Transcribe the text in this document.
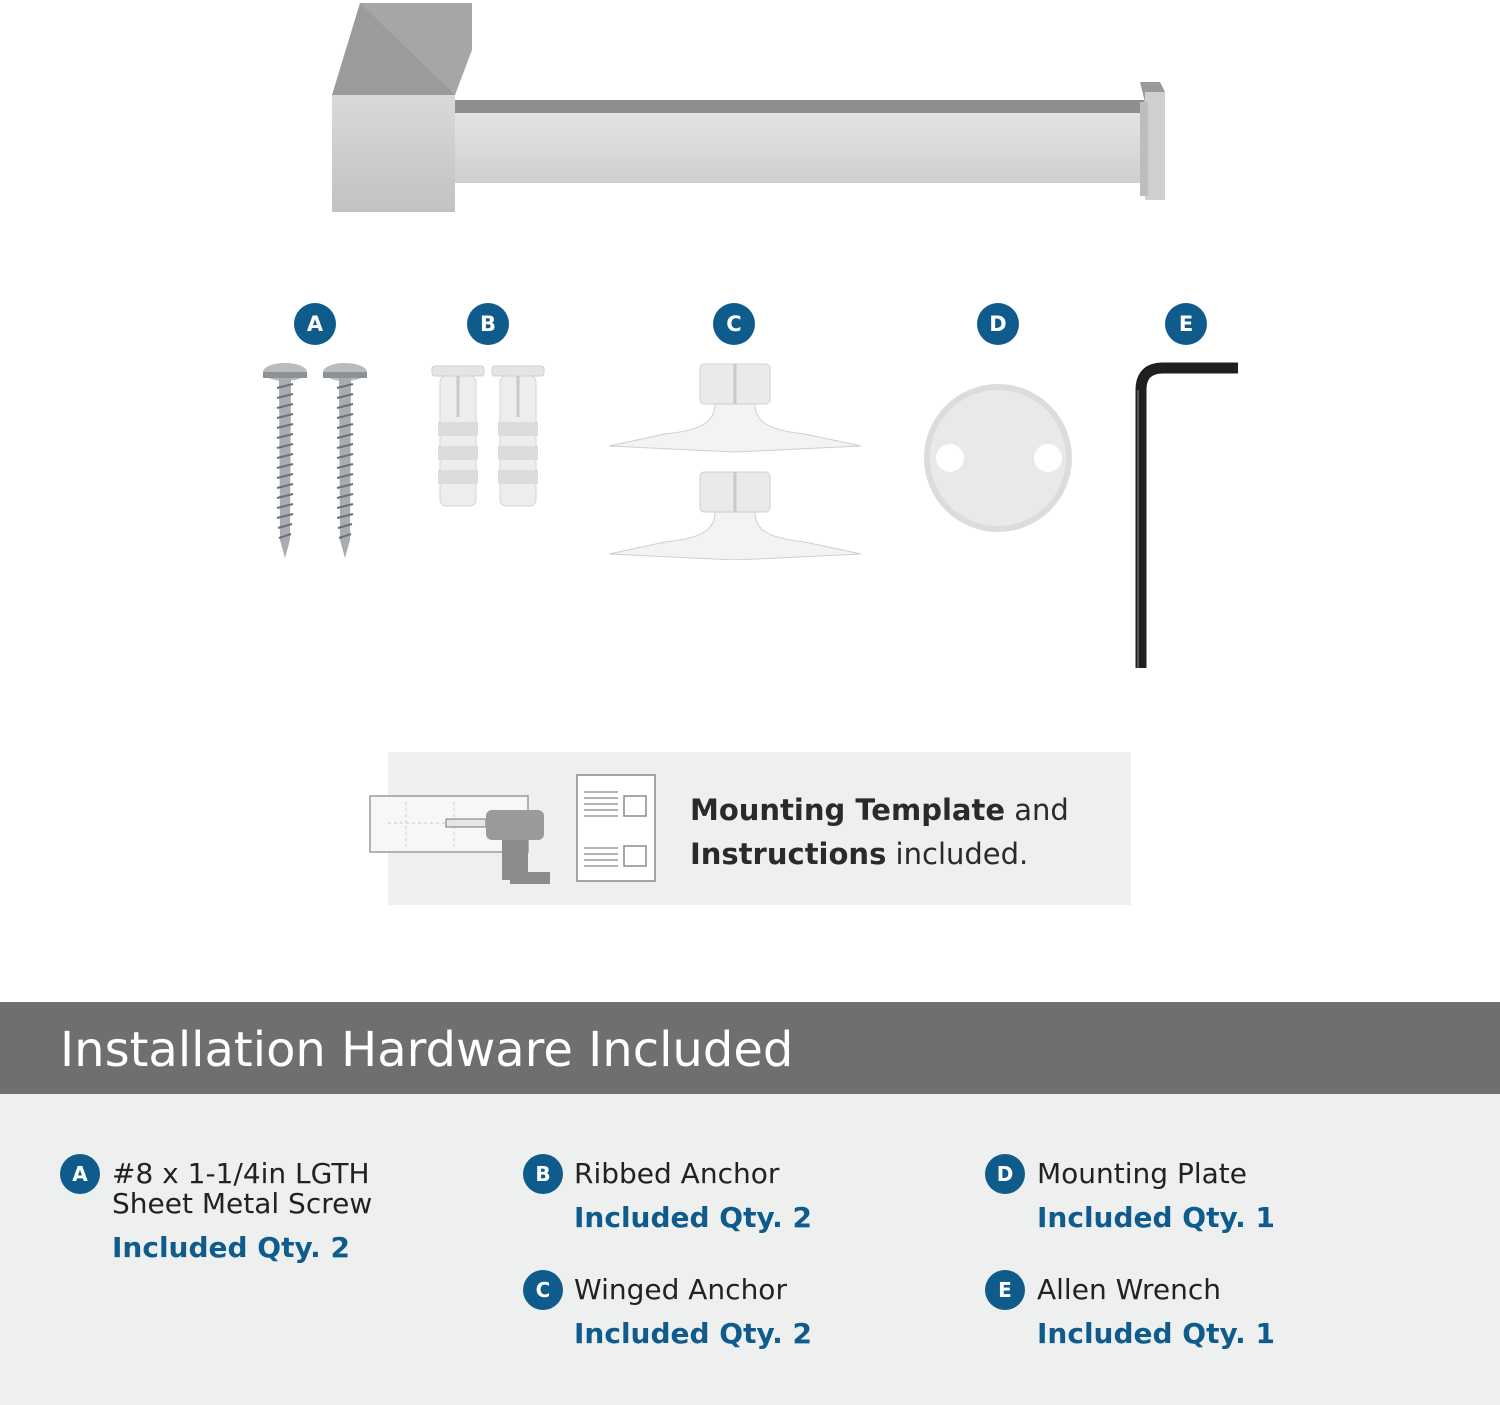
A	B	C	D	E
Mounting Template and
Instructions included.
Installation Hardware Included
A #8 x 1-1/4in LGTH
Sheet Metal Screw
Included Qty. 2
B Ribbed Anchor
Included Qty. 2
C Winged Anchor
Included Qty. 2
D Mounting Plate
Included Qty. 1
E Allen Wrench
Included Qty. 1
